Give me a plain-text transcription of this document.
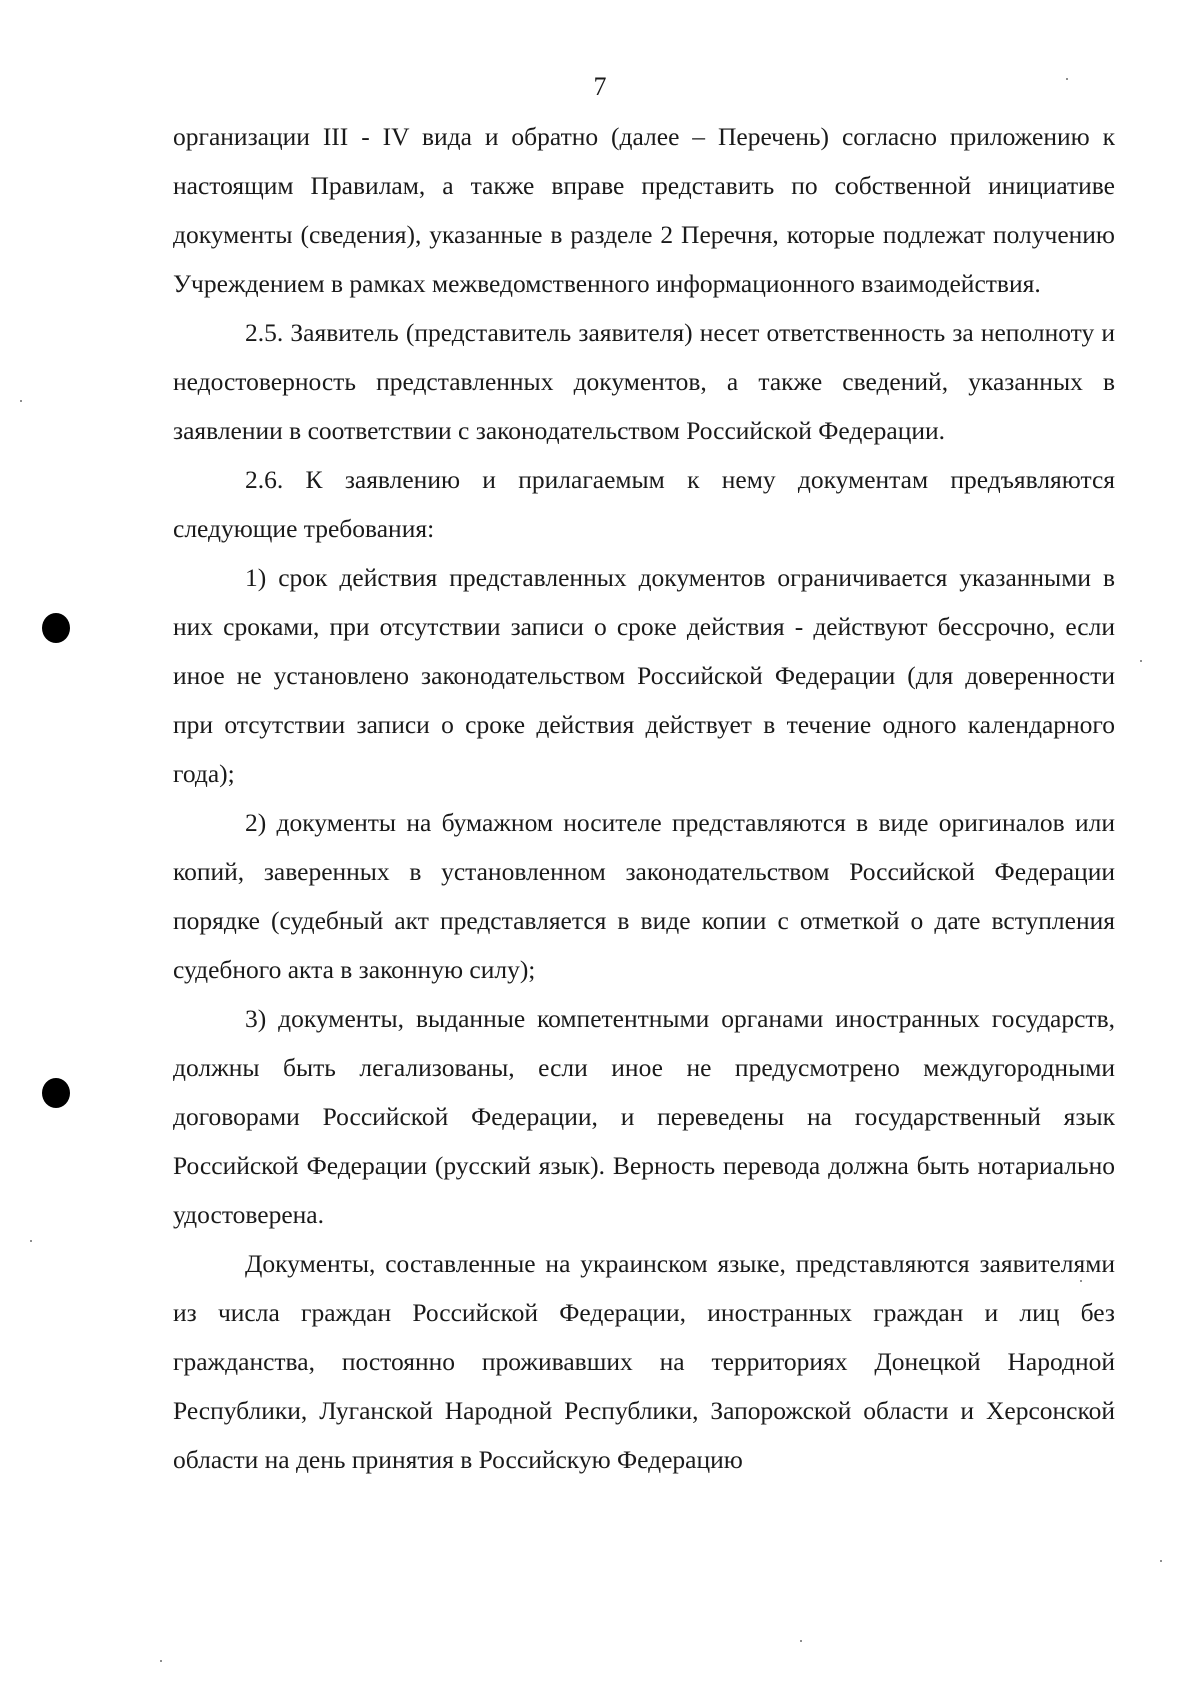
7

организации III - IV вида и обратно (далее – Перечень) согласно приложению к настоящим Правилам, а также вправе представить по собственной инициативе документы (сведения), указанные в разделе 2 Перечня, которые подлежат получению Учреждением в рамках межведомственного информационного взаимодействия.

2.5. Заявитель (представитель заявителя) несет ответственность за неполноту и недостоверность представленных документов, а также сведений, указанных в заявлении в соответствии с законодательством Российской Федерации.

2.6. К заявлению и прилагаемым к нему документам предъявляются следующие требования:

1) срок действия представленных документов ограничивается указанными в них сроками, при отсутствии записи о сроке действия - действуют бессрочно, если иное не установлено законодательством Российской Федерации (для доверенности при отсутствии записи о сроке действия действует в течение одного календарного года);

2) документы на бумажном носителе представляются в виде оригиналов или копий, заверенных в установленном законодательством Российской Федерации порядке (судебный акт представляется в виде копии с отметкой о дате вступления судебного акта в законную силу);

3) документы, выданные компетентными органами иностранных государств, должны быть легализованы, если иное не предусмотрено междугородными договорами Российской Федерации, и переведены на государственный язык Российской Федерации (русский язык). Верность перевода должна быть нотариально удостоверена.

Документы, составленные на украинском языке, представляются заявителями из числа граждан Российской Федерации, иностранных граждан и лиц без гражданства, постоянно проживавших на территориях Донецкой Народной Республики, Луганской Народной Республики, Запорожской области и Херсонской области на день принятия в Российскую Федерацию
